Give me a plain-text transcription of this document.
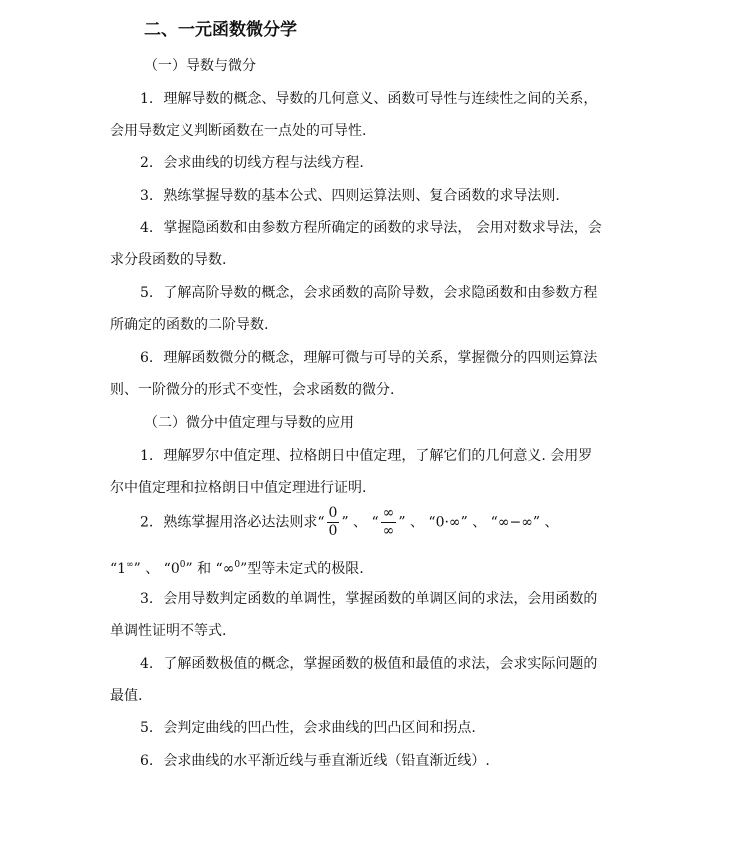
二、一元函数微分学
（一）导数与微分
1. 理解导数的概念、导数的几何意义、函数可导性与连续性之间的关系，
会用导数定义判断函数在一点处的可导性.
2. 会求曲线的切线方程与法线方程.
3. 熟练掌握导数的基本公式、四则运算法则、复合函数的求导法则.
4. 掌握隐函数和由参数方程所确定的函数的求导法， 会用对数求导法，会
求分段函数的导数.
5. 了解高阶导数的概念，会求函数的高阶导数，会求隐函数和由参数方程
所确定的函数的二阶导数.
6. 理解函数微分的概念，理解可微与可导的关系，掌握微分的四则运算法
则、一阶微分的形式不变性，会求函数的微分.
（二）微分中值定理与导数的应用
1. 理解罗尔中值定理、拉格朗日中值定理，了解它们的几何意义. 会用罗
尔中值定理和拉格朗日中值定理进行证明.
2. 熟练掌握用洛必达法则求“ $\frac{0}{0}$ ” 、 “ $\frac{\infty}{\infty}$ ” 、 “0·∞” 、 “∞−∞” 、
“1∞” 、 “$0^0$” 和 “∞$^0$”型等未定式的极限.
3. 会用导数判定函数的单调性，掌握函数的单调区间的求法，会用函数的
单调性证明不等式.
4. 了解函数极值的概念，掌握函数的极值和最值的求法，会求实际问题的
最值.
5. 会判定曲线的凹凸性，会求曲线的凹凸区间和拐点.
6. 会求曲线的水平渐近线与垂直渐近线（铅直渐近线）.
